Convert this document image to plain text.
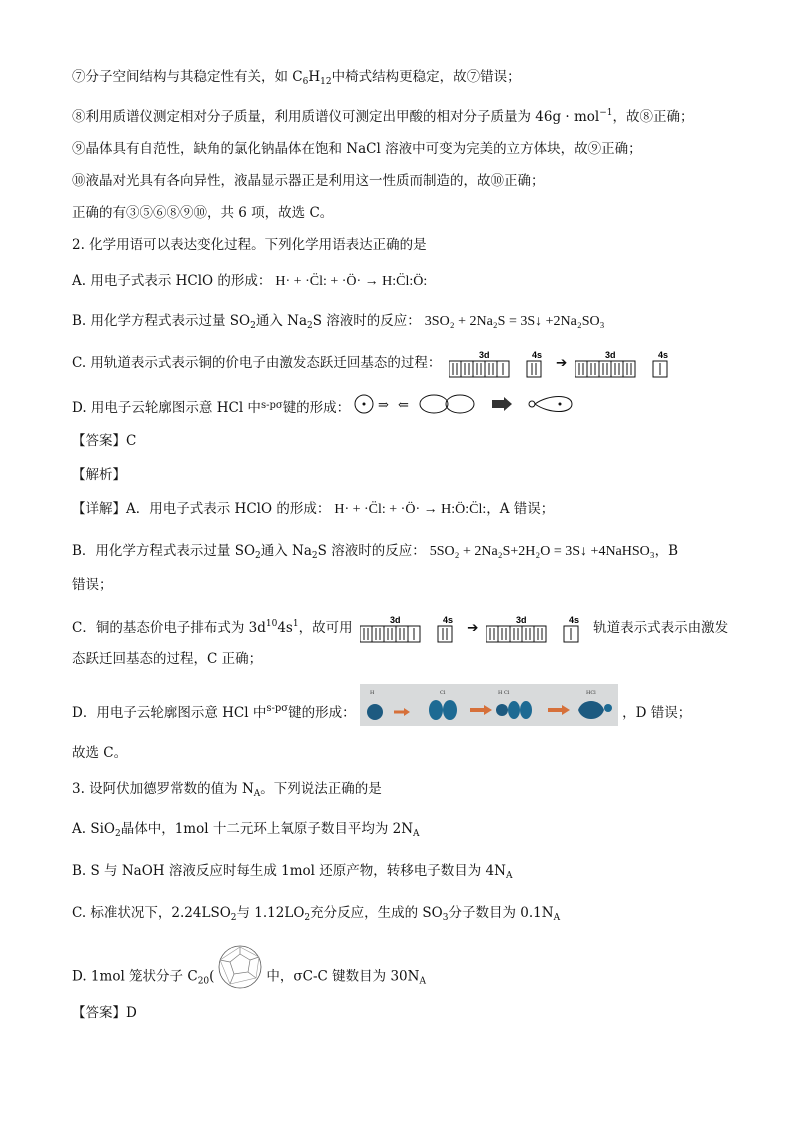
⑦分子空间结构与其稳定性有关，如 $C_6H_{12}$中椅式结构更稳定，故⑦错误；
⑧利用质谱仪测定相对分子质量，利用质谱仪可测定出甲酸的相对分子质量为 46g · mol$^{-1}$，故⑧正确；
⑨晶体具有自范性，缺角的氯化钠晶体在饱和 NaCl 溶液中可变为完美的立方体块，故⑨正确；
⑩液晶对光具有各向异性，液晶显示器正是利用这一性质而制造的，故⑩正确；
正确的有③⑤⑥⑧⑨⑩，共 6 项，故选 C。
2. 化学用语可以表达变化过程。下列化学用语表达正确的是
A. 用电子式表示 HClO 的形成： H· + ·C̈l: + ·Ö· → H:C̈l:Ö:
B. 用化学方程式表示过量 $SO_2$通入 $Na_2S$ 溶液时的反应： 3SO₂ + 2Na₂S = 3S↓ +2Na₂SO₃
C. 用轨道表示式表示铜的价电子由激发态跃迁回基态的过程：
3d	4s
➔
3d	4s
D. 用电子云轮廓图示意 HCl 中$^{s-p\sigma}$键的形成： ⇒ ⇐
【答案】C
【解析】
【详解】A．用电子式表示 HClO 的形成： H· + ·C̈l: + ·Ö· → H:Ö:C̈l:，A 错误；
B．用化学方程式表示过量 $SO_2$通入 $Na_2S$ 溶液时的反应： 5SO₂ + 2Na₂S+2H₂O = 3S↓ +4NaHSO₃，B
错误；
C．铜的基态价电子排布式为 $3d^{10}4s^1$，故可用
3d	4s
➔
3d	4s
轨道表示式表示由激发
态跃迁回基态的过程，C 正确；
D．用电子云轮廓图示意 HCl 中$^{s-p\sigma}$键的形成：
H	Cl	H Cl	HCl
，D 错误；
故选 C。
3. 设阿伏加德罗常数的值为 $N_A$。下列说法正确的是
A. SiO$_2$晶体中，1mol 十二元环上氧原子数目平均为 $2N_A$
B. S 与 NaOH 溶液反应时每生成 1mol 还原产物，转移电子数目为 $4N_A$
C. 标准状况下，$2.24LSO_2$与 $1.12LO_2$充分反应，生成的 $SO_3$分子数目为 $0.1N_A$
D. 1mol 笼状分子 $C_{20}$(	中，σC-C 键数目为 $30N_A$
【答案】D
